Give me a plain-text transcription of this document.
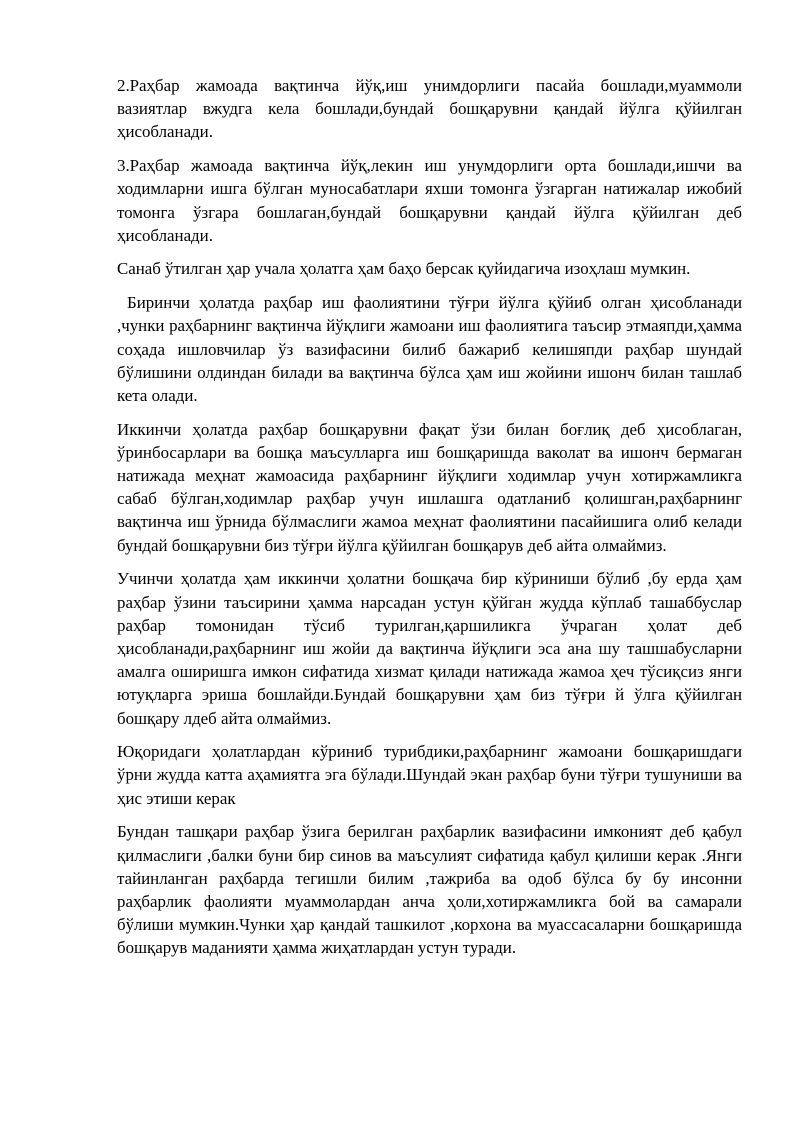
2.Раҳбар жамоада вақтинча йўқ,иш унимдорлиги пасайа бошлади,муаммоли вазиятлар вжудга кела бошлади,бундай бошқарувни қандай йўлга қўйилган ҳисобланади.

3.Раҳбар жамоада вақтинча йўқ,лекин иш унумдорлиги орта бошлади,ишчи ва ходимларни ишга бўлган муносабатлари яхши томонга ўзгарган натижалар ижобий томонга ўзгара бошлаган,бундай бошқарувни қандай йўлга қўйилган деб ҳисобланади.

Санаб ўтилган ҳар учала ҳолатга ҳам баҳо берсак қуйидагича изоҳлаш мумкин.

Биринчи ҳолатда раҳбар иш фаолиятини тўғри йўлга қўйиб олган ҳисобланади ,чунки раҳбарнинг вақтинча йўқлиги жамоани иш фаолиятига таъсир этмаяпди,ҳамма соҳада ишловчилар ўз вазифасини билиб бажариб келишяпди раҳбар шундай бўлишини олдиндан билади ва вақтинча бўлса ҳам иш жойини ишонч билан ташлаб кета олади.

Иккинчи ҳолатда раҳбар бошқарувни фақат ўзи билан боғлиқ деб ҳисоблаган, ўринбосарлари ва бошқа маъсулларга иш бошқаришда ваколат ва ишонч бермаган натижада меҳнат жамоасида раҳбарнинг йўқлиги ходимлар учун хотиржамликга сабаб бўлган,ходимлар раҳбар учун ишлашга одатланиб қолишган,раҳбарнинг вақтинча иш ўрнида бўлмаслиги жамоа меҳнат фаолиятини пасайишига олиб келади бундай бошқарувни биз тўғри йўлга қўйилган бошқарув деб айта олмаймиз.

Учинчи ҳолатда ҳам иккинчи ҳолатни бошқача бир кўриниши бўлиб ,бу ерда ҳам раҳбар ўзини таъсирини ҳамма нарсадан устун қўйган жудда кўплаб ташаббуслар раҳбар томонидан тўсиб турилган,қаршиликга ўчраган ҳолат деб ҳисобланади,раҳбарнинг иш жойи да вақтинча йўқлиги эса ана шу ташшабусларни амалга оширишга имкон сифатида хизмат қилади натижада жамоа ҳеч тўсиқсиз янги ютуқларга эриша бошлайди.Бундай бошқарувни ҳам биз тўғри й ўлга қўйилган бошқару лдеб айта олмаймиз.

Юқоридаги ҳолатлардан кўриниб турибдики,раҳбарнинг жамоани бошқаришдаги ўрни жудда катта аҳамиятга эга бўлади.Шундай экан раҳбар буни тўғри тушуниши ва ҳис этиши керак

Бундан ташқари раҳбар ўзига берилган раҳбарлик вазифасини имконият деб қабул қилмаслиги ,балки буни бир синов ва маъсулият сифатида қабул қилиши керак .Янги тайинланган раҳбарда тегишли билим ,тажриба ва одоб бўлса бу бу инсонни раҳбарлик фаолияти муаммолардан анча ҳоли,хотиржамликга бой ва самарали бўлиши мумкин.Чунки ҳар қандай ташкилот ,корхона ва муассасаларни бошқаришда бошқарув маданияти ҳамма жиҳатлардан устун туради.
